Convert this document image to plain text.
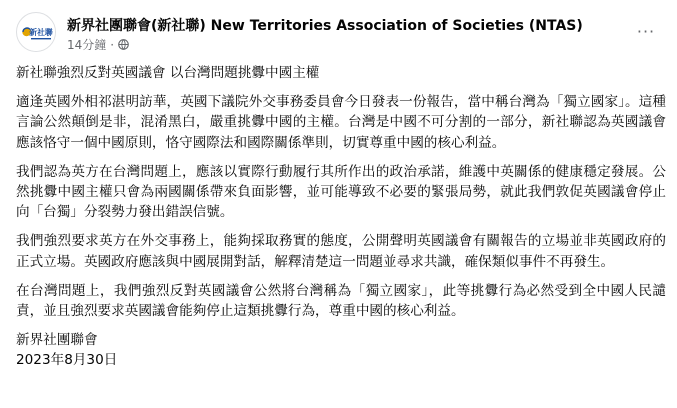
新社聯 新界社團聯會(新社聯) New Territories Association of Societies (NTAS)
14分鐘 ·
···

新社聯強烈反對英國議會 以台灣問題挑釁中國主權

適逢英國外相祁湛明訪華，英國下議院外交事務委員會今日發表一份報告，當中稱台灣為「獨立國家」。這種言論公然顛倒是非，混淆黑白，嚴重挑釁中國的主權。台灣是中國不可分割的一部分，新社聯認為英國議會應該恪守一個中國原則，恪守國際法和國際關係準則，切實尊重中國的核心利益。

我們認為英方在台灣問題上，應該以實際行動履行其所作出的政治承諾，維護中英關係的健康穩定發展。公然挑釁中國主權只會為兩國關係帶來負面影響，並可能導致不必要的緊張局勢，就此我們敦促英國議會停止向「台獨」分裂勢力發出錯誤信號。

我們強烈要求英方在外交事務上，能夠採取務實的態度，公開聲明英國議會有關報告的立場並非英國政府的正式立場。英國政府應該與中國展開對話，解釋清楚這一問題並尋求共識，確保類似事件不再發生。

在台灣問題上，我們強烈反對英國議會公然將台灣稱為「獨立國家」，此等挑釁行為必然受到全中國人民譴責，並且強烈要求英國議會能夠停止這類挑釁行為，尊重中國的核心利益。

新界社團聯會

2023年8月30日
